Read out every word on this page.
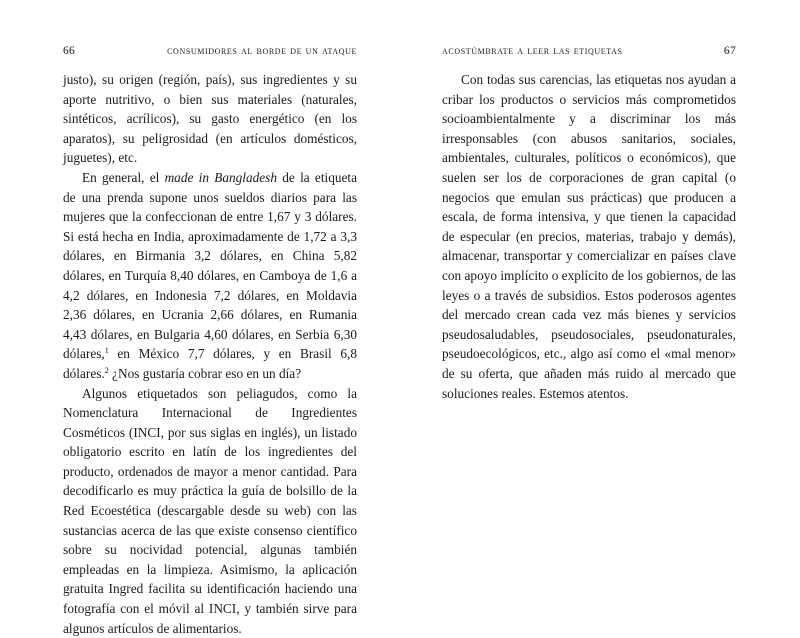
66	consumidores al borde de un ataque

justo), su origen (región, país), sus ingredientes y su aporte nutritivo, o bien sus materiales (naturales, sintéticos, acrílicos), su gasto energético (en los aparatos), su peligrosidad (en artículos domésticos, juguetes), etc.

En general, el made in Bangladesh de la etiqueta de una prenda supone unos sueldos diarios para las mujeres que la confeccionan de entre 1,67 y 3 dólares. Si está hecha en India, aproximadamente de 1,72 a 3,3 dólares, en Birmania 3,2 dólares, en China 5,82 dólares, en Turquía 8,40 dólares, en Camboya de 1,6 a 4,2 dólares, en Indonesia 7,2 dólares, en Moldavia 2,36 dólares, en Ucrania 2,66 dólares, en Rumania 4,43 dólares, en Bulgaria 4,60 dólares, en Serbia 6,30 dólares,$^1$ en México 7,7 dólares, y en Brasil 6,8 dólares.$^2$ ¿Nos gustaría cobrar eso en un día?

Algunos etiquetados son peliagudos, como la Nomenclatura Internacional de Ingredientes Cosméticos (INCI, por sus siglas en inglés), un listado obligatorio escrito en latín de los ingredientes del producto, ordenados de mayor a menor cantidad. Para decodificarlo es muy práctica la guía de bolsillo de la Red Ecoestética (descargable desde su web) con las sustancias acerca de las que existe consenso científico sobre su nocividad potencial, algunas también empleadas en la limpieza. Asimismo, la aplicación gratuita Ingred facilita su identificación haciendo una fotografía con el móvil al INCI, y también sirve para algunos artículos de alimentarios.

acostúmbrate a leer las etiquetas	67

Con todas sus carencias, las etiquetas nos ayudan a cribar los productos o servicios más comprometidos socioambientalmente y a discriminar los más irresponsables (con abusos sanitarios, sociales, ambientales, culturales, políticos o económicos), que suelen ser los de corporaciones de gran capital (o negocios que emulan sus prácticas) que producen a escala, de forma intensiva, y que tienen la capacidad de especular (en precios, materias, trabajo y demás), almacenar, transportar y comercializar en países clave con apoyo implícito o explícito de los gobiernos, de las leyes o a través de subsidios. Estos poderosos agentes del mercado crean cada vez más bienes y servicios pseudosaludables, pseudosociales, pseudonaturales, pseudoecológicos, etc., algo así como el «mal menor» de su oferta, que añaden más ruido al mercado que soluciones reales. Estemos atentos.
